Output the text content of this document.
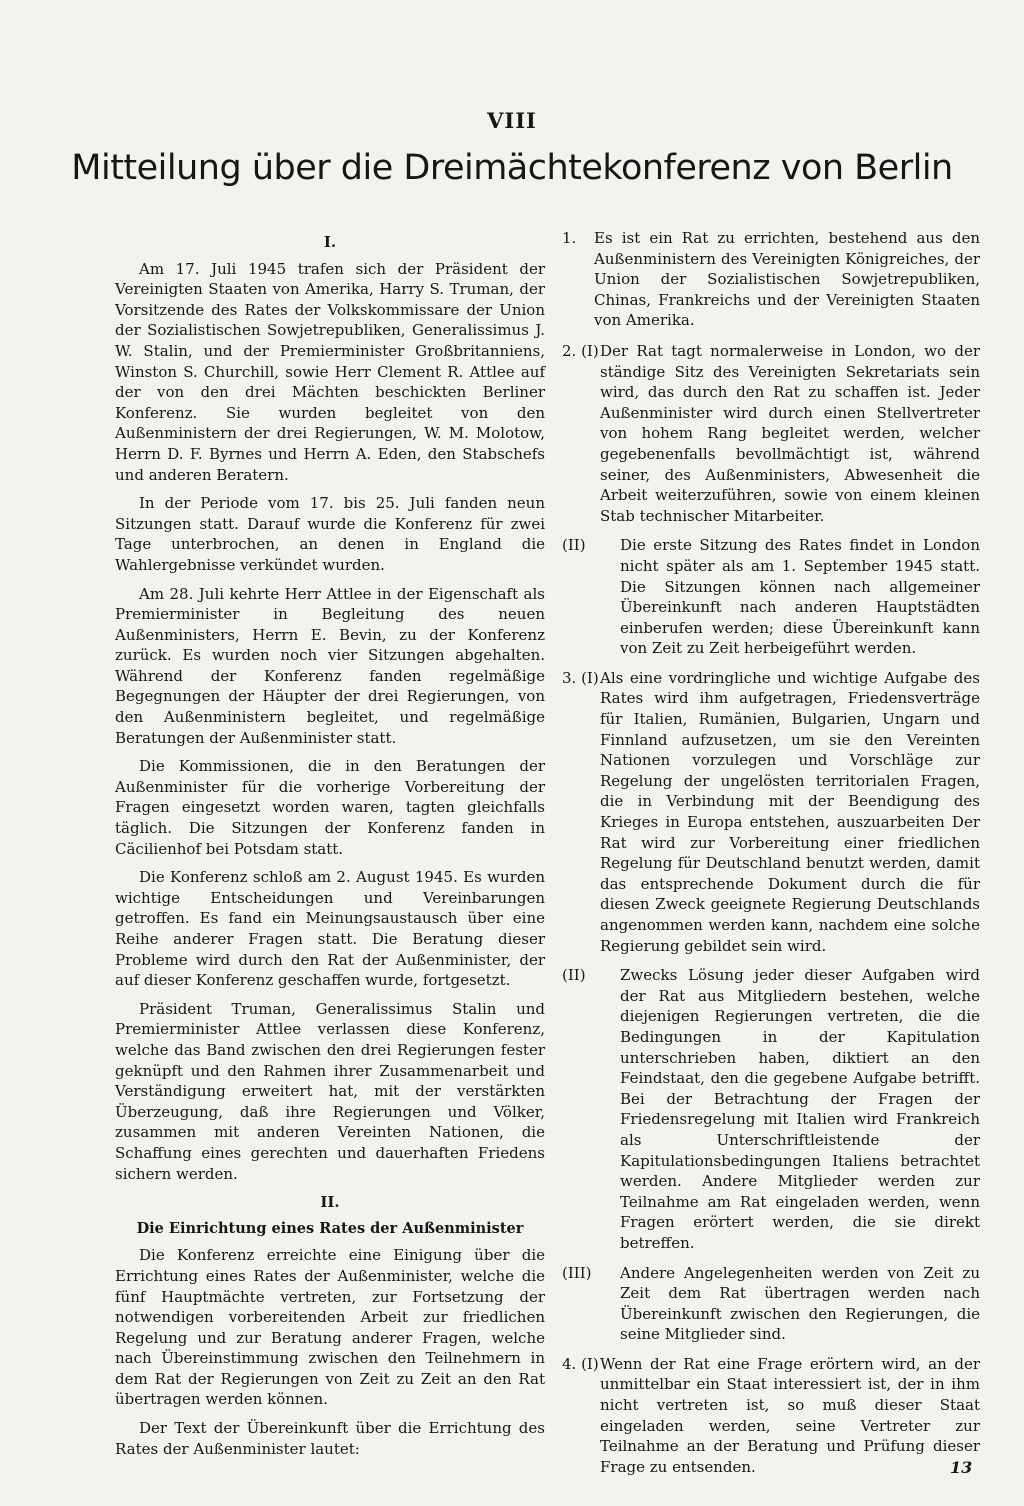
VIII
Mitteilung über die Dreimächtekonferenz von Berlin
I.

Am 17. Juli 1945 trafen sich der Präsident der Vereinigten Staaten von Amerika, Harry S. Truman, der Vorsitzende des Rates der Volkskommissare der Union der Sozialistischen Sowjetrepubliken, Generalissimus J. W. Stalin, und der Premierminister Großbritanniens, Winston S. Churchill, sowie Herr Clement R. Attlee auf der von den drei Mächten beschickten Berliner Konferenz. Sie wurden begleitet von den Außenministern der drei Regierungen, W. M. Molotow, Herrn D. F. Byrnes und Herrn A. Eden, den Stabschefs und anderen Beratern.

In der Periode vom 17. bis 25. Juli fanden neun Sitzungen statt. Darauf wurde die Konferenz für zwei Tage unterbrochen, an denen in England die Wahlergebnisse verkündet wurden.

Am 28. Juli kehrte Herr Attlee in der Eigenschaft als Premierminister in Begleitung des neuen Außenministers, Herrn E. Bevin, zu der Konferenz zurück. Es wurden noch vier Sitzungen abgehalten. Während der Konferenz fanden regelmäßige Begegnungen der Häupter der drei Regierungen, von den Außenministern begleitet, und regelmäßige Beratungen der Außenminister statt.

Die Kommissionen, die in den Beratungen der Außenminister für die vorherige Vorbereitung der Fragen eingesetzt worden waren, tagten gleichfalls täglich. Die Sitzungen der Konferenz fanden in Cäcilienhof bei Potsdam statt.

Die Konferenz schloß am 2. August 1945. Es wurden wichtige Entscheidungen und Vereinbarungen getroffen. Es fand ein Meinungsaustausch über eine Reihe anderer Fragen statt. Die Beratung dieser Probleme wird durch den Rat der Außenminister, der auf dieser Konferenz geschaffen wurde, fortgesetzt.

Präsident Truman, Generalissimus Stalin und Premierminister Attlee verlassen diese Konferenz, welche das Band zwischen den drei Regierungen fester geknüpft und den Rahmen ihrer Zusammenarbeit und Verständigung erweitert hat, mit der verstärkten Überzeugung, daß ihre Regierungen und Völker, zusammen mit anderen Vereinten Nationen, die Schaffung eines gerechten und dauerhaften Friedens sichern werden.

II.
Die Einrichtung eines Rates der Außenminister

Die Konferenz erreichte eine Einigung über die Errichtung eines Rates der Außenminister, welche die fünf Hauptmächte vertreten, zur Fortsetzung der notwendigen vorbereitenden Arbeit zur friedlichen Regelung und zur Beratung anderer Fragen, welche nach Übereinstimmung zwischen den Teilnehmern in dem Rat der Regierungen von Zeit zu Zeit an den Rat übertragen werden können.

Der Text der Übereinkunft über die Errichtung des Rates der Außenminister lautet:

1.	Es ist ein Rat zu errichten, bestehend aus den Außenministern des Vereinigten Königreiches, der Union der Sozialistischen Sowjetrepubliken, Chinas, Frankreichs und der Vereinigten Staaten von Amerika.
2. (I) Der Rat tagt normalerweise in London, wo der ständige Sitz des Vereinigten Sekretariats sein wird, das durch den Rat zu schaffen ist. Jeder Außenminister wird durch einen Stellvertreter von hohem Rang begleitet werden, welcher gegebenenfalls bevollmächtigt ist, während seiner, des Außenministers, Abwesenheit die Arbeit weiterzuführen, sowie von einem kleinen Stab technischer Mitarbeiter.
(II)	Die erste Sitzung des Rates findet in London nicht später als am 1. September 1945 statt. Die Sitzungen können nach allgemeiner Übereinkunft nach anderen Hauptstädten einberufen werden; diese Übereinkunft kann von Zeit zu Zeit herbeigeführt werden.
3. (I) Als eine vordringliche und wichtige Aufgabe des Rates wird ihm aufgetragen, Friedensverträge für Italien, Rumänien, Bulgarien, Ungarn und Finnland aufzusetzen, um sie den Vereinten Nationen vorzulegen und Vorschläge zur Regelung der ungelösten territorialen Fragen, die in Verbindung mit der Beendigung des Krieges in Europa entstehen, auszuarbeiten Der Rat wird zur Vorbereitung einer friedlichen Regelung für Deutschland benutzt werden, damit das entsprechende Dokument durch die für diesen Zweck geeignete Regierung Deutschlands angenommen werden kann, nachdem eine solche Regierung gebildet sein wird.
(II)	Zwecks Lösung jeder dieser Aufgaben wird der Rat aus Mitgliedern bestehen, welche diejenigen Regierungen vertreten, die die Bedingungen in der Kapitulation unterschrieben haben, diktiert an den Feindstaat, den die gegebene Aufgabe betrifft. Bei der Betrachtung der Fragen der Friedensregelung mit Italien wird Frankreich als Unterschriftleistende der Kapitulationsbedingungen Italiens betrachtet werden. Andere Mitglieder werden zur Teilnahme am Rat eingeladen werden, wenn Fragen erörtert werden, die sie direkt betreffen.
(III)	Andere Angelegenheiten werden von Zeit zu Zeit dem Rat übertragen werden nach Übereinkunft zwischen den Regierungen, die seine Mitglieder sind.
4. (I) Wenn der Rat eine Frage erörtern wird, an der unmittelbar ein Staat interessiert ist, der in ihm nicht vertreten ist, so muß dieser Staat eingeladen werden, seine Vertreter zur Teilnahme an der Beratung und Prüfung dieser Frage zu entsenden.	13
